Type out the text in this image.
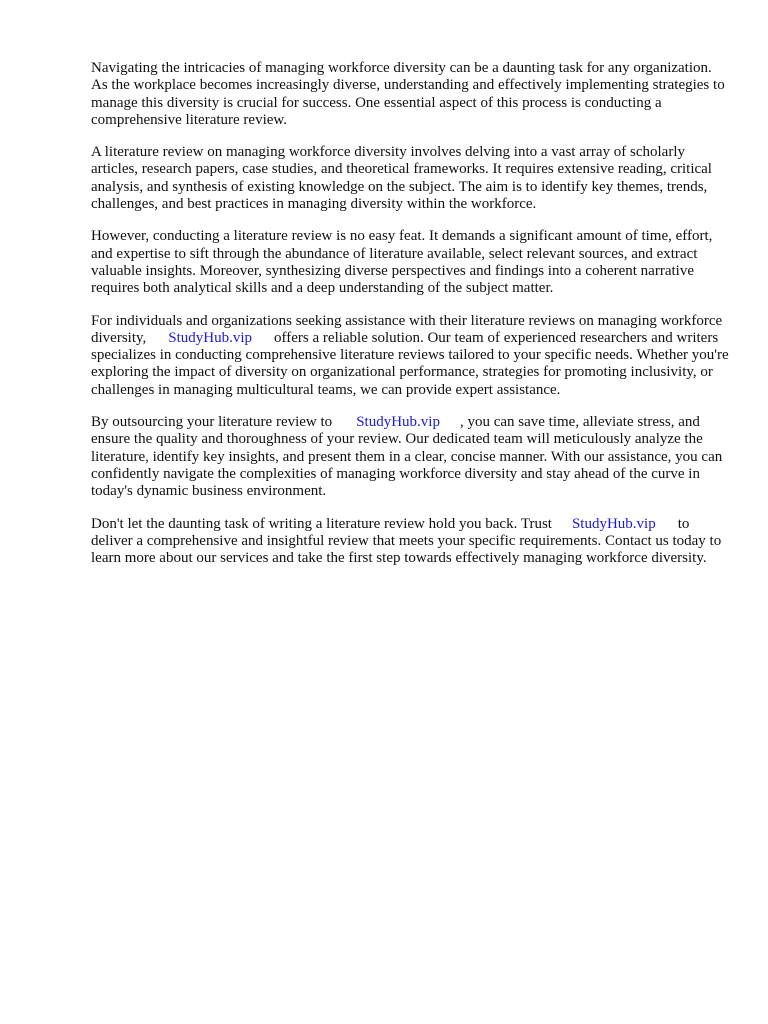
Navigating the intricacies of managing workforce diversity can be a daunting task for any organization. As the workplace becomes increasingly diverse, understanding and effectively implementing strategies to manage this diversity is crucial for success. One essential aspect of this process is conducting a comprehensive literature review.

A literature review on managing workforce diversity involves delving into a vast array of scholarly articles, research papers, case studies, and theoretical frameworks. It requires extensive reading, critical analysis, and synthesis of existing knowledge on the subject. The aim is to identify key themes, trends, challenges, and best practices in managing diversity within the workforce.

However, conducting a literature review is no easy feat. It demands a significant amount of time, effort, and expertise to sift through the abundance of literature available, select relevant sources, and extract valuable insights. Moreover, synthesizing diverse perspectives and findings into a coherent narrative requires both analytical skills and a deep understanding of the subject matter.

For individuals and organizations seeking assistance with their literature reviews on managing workforce diversity, StudyHub.vip offers a reliable solution. Our team of experienced researchers and writers specializes in conducting comprehensive literature reviews tailored to your specific needs. Whether you're exploring the impact of diversity on organizational performance, strategies for promoting inclusivity, or challenges in managing multicultural teams, we can provide expert assistance.

By outsourcing your literature review to StudyHub.vip , you can save time, alleviate stress, and ensure the quality and thoroughness of your review. Our dedicated team will meticulously analyze the literature, identify key insights, and present them in a clear, concise manner. With our assistance, you can confidently navigate the complexities of managing workforce diversity and stay ahead of the curve in today's dynamic business environment.

Don't let the daunting task of writing a literature review hold you back. Trust StudyHub.vip to deliver a comprehensive and insightful review that meets your specific requirements. Contact us today to learn more about our services and take the first step towards effectively managing workforce diversity.
